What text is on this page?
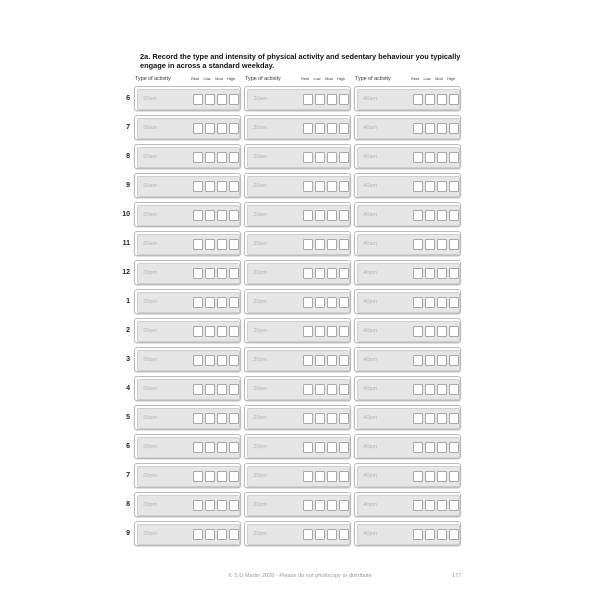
2a. Record the type and intensity of physical activity and sedentary behaviour you typically engage in across a standard weekday.
Type of activity	Rest	Low	Mod	High	Type of activity	Rest	Low	Mod	High	Type of activity	Rest	Low	Mod	High
6 .00am	.20am	.40am
7 .00am	.20am	.40am
8 .00am	.20am	.40am
9 .00am	.20am	.40am
10 .00am	.20am	.40am
11 .00am	.20am	.40am
12 .00pm	.20pm	.40pm
1 .00pm	.20pm	.40pm
2 .00pm	.20pm	.40pm
3 .00pm	.20pm	.40pm
4 .00pm	.20pm	.40pm
5 .00pm	.20pm	.40pm
6 .00pm	.20pm	.40pm
7 .00pm	.20pm	.40pm
8 .00pm	.20pm	.40pm
9 .00pm	.20pm	.40pm
© S D Martin 2026 - Please do not photocopy or distribute	177
